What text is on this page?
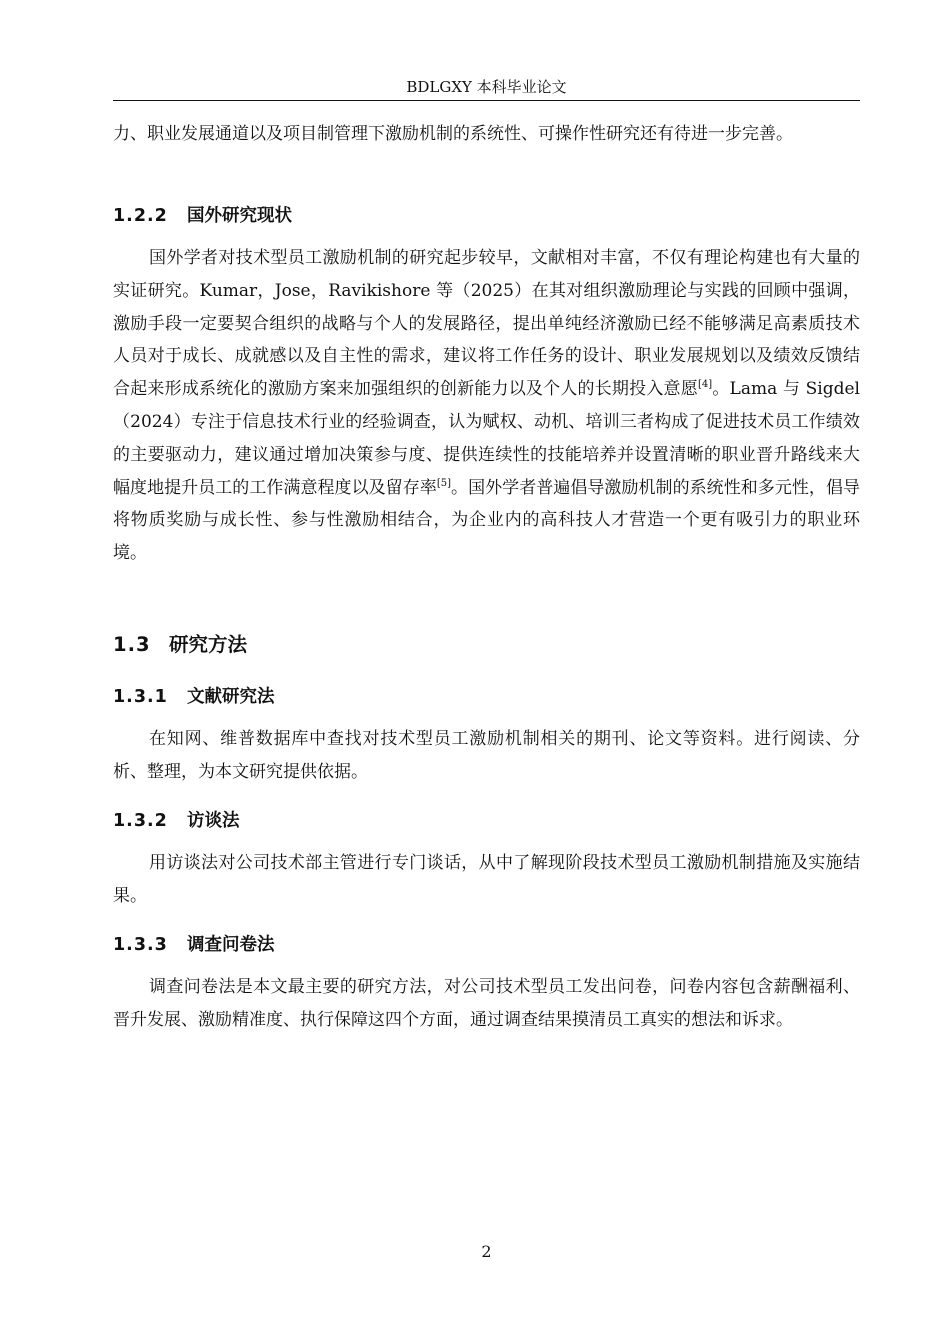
BDLGXY 本科毕业论文

力、职业发展通道以及项目制管理下激励机制的系统性、可操作性研究还有待进一步完善。

1.2.2 国外研究现状

国外学者对技术型员工激励机制的研究起步较早，文献相对丰富，不仅有理论构建也有大量的实证研究。Kumar，Jose，Ravikishore 等（2025）在其对组织激励理论与实践的回顾中强调，激励手段一定要契合组织的战略与个人的发展路径，提出单纯经济激励已经不能够满足高素质技术人员对于成长、成就感以及自主性的需求，建议将工作任务的设计、职业发展规划以及绩效反馈结合起来形成系统化的激励方案来加强组织的创新能力以及个人的长期投入意愿[4]。Lama 与 Sigdel（2024）专注于信息技术行业的经验调查，认为赋权、动机、培训三者构成了促进技术员工作绩效的主要驱动力，建议通过增加决策参与度、提供连续性的技能培养并设置清晰的职业晋升路线来大幅度地提升员工的工作满意程度以及留存率[5]。国外学者普遍倡导激励机制的系统性和多元性，倡导将物质奖励与成长性、参与性激励相结合，为企业内的高科技人才营造一个更有吸引力的职业环境。

1.3 研究方法
1.3.1 文献研究法

在知网、维普数据库中查找对技术型员工激励机制相关的期刊、论文等资料。进行阅读、分析、整理，为本文研究提供依据。

1.3.2 访谈法

用访谈法对公司技术部主管进行专门谈话，从中了解现阶段技术型员工激励机制措施及实施结果。

1.3.3 调查问卷法

调查问卷法是本文最主要的研究方法，对公司技术型员工发出问卷，问卷内容包含薪酬福利、晋升发展、激励精准度、执行保障这四个方面，通过调查结果摸清员工真实的想法和诉求。

2
